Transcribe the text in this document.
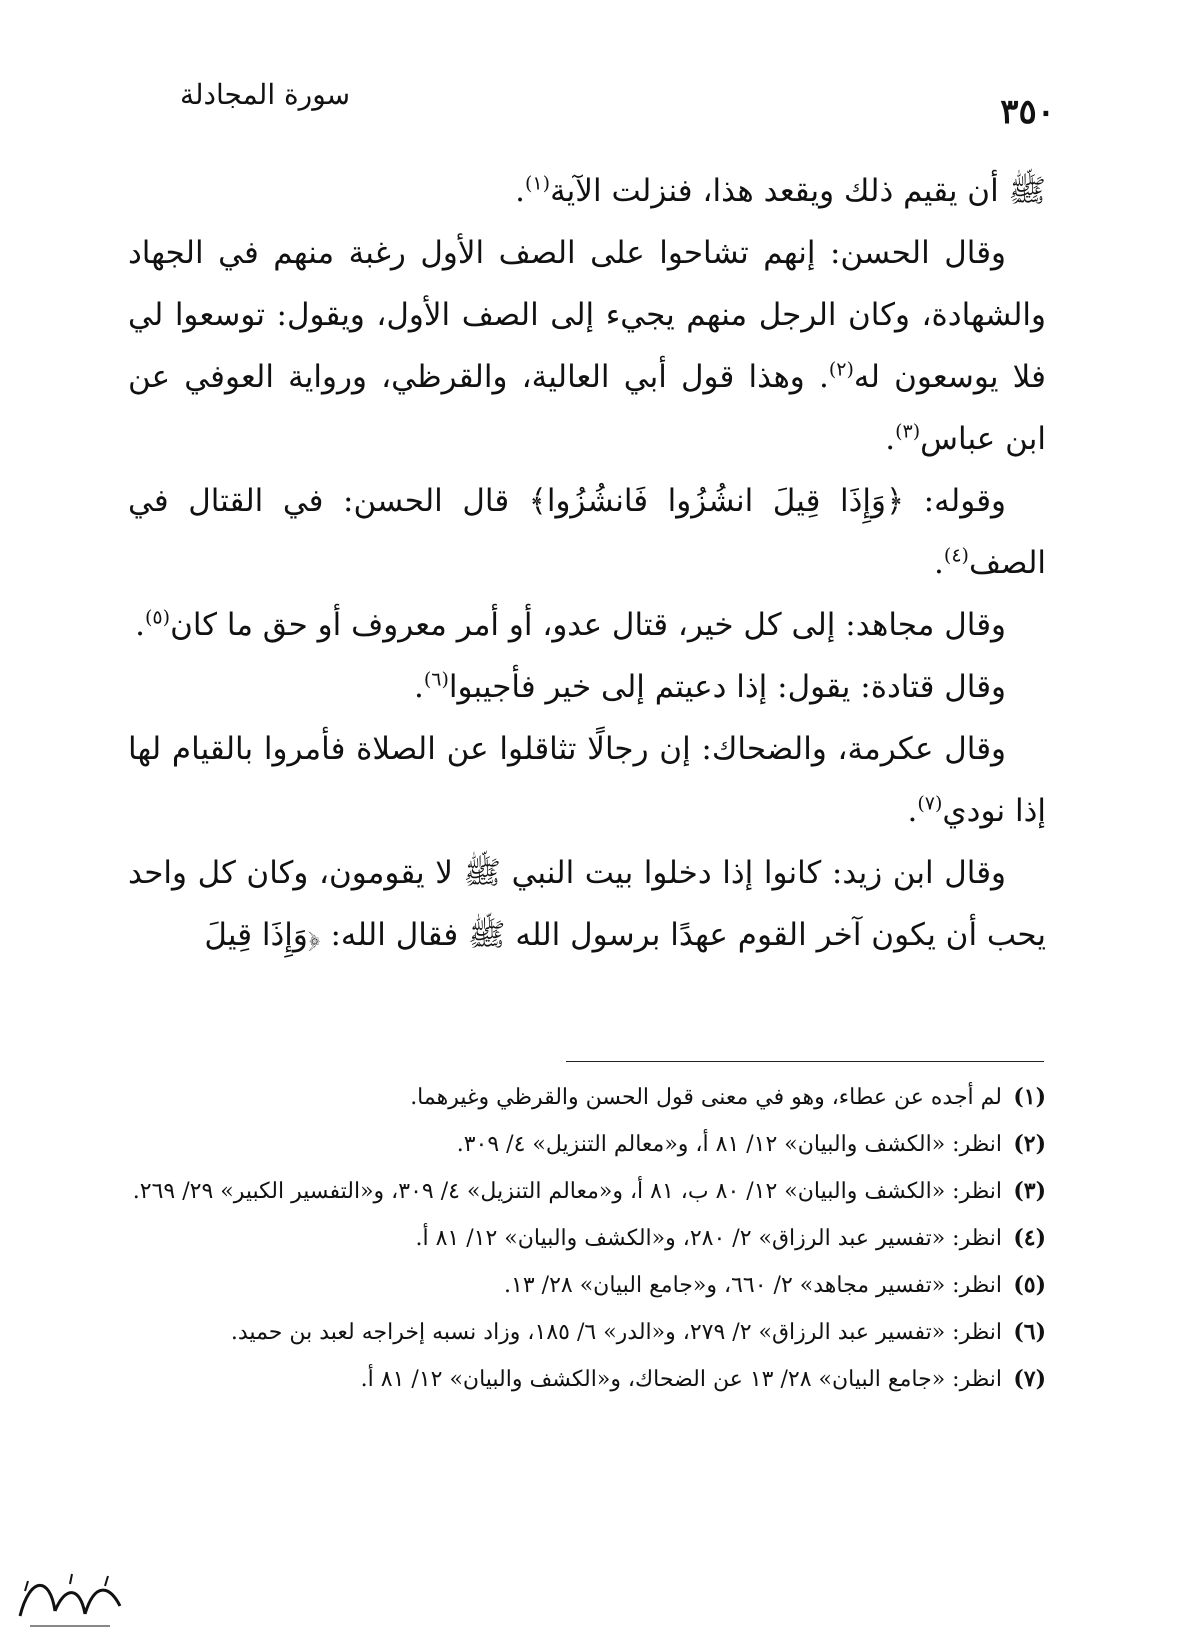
سورة المجادلة	٣٥٠

ﷺ أن يقيم ذلك ويقعد هذا، فنزلت الآية$^{(١)}$.

وقال الحسن: إنهم تشاحوا على الصف الأول رغبة منهم في الجهاد والشهادة، وكان الرجل منهم يجيء إلى الصف الأول، ويقول: توسعوا لي فلا يوسعون له$^{(٢)}$. وهذا قول أبي العالية، والقرظي، ورواية العوفي عن ابن عباس$^{(٣)}$.

وقوله: ﴿وَإِذَا قِيلَ انشُزُوا فَانشُزُوا﴾ قال الحسن: في القتال في الصف$^{(٤)}$.

وقال مجاهد: إلى كل خير، قتال عدو، أو أمر معروف أو حق ما كان$^{(٥)}$.

وقال قتادة: يقول: إذا دعيتم إلى خير فأجيبوا$^{(٦)}$.

وقال عكرمة، والضحاك: إن رجالًا تثاقلوا عن الصلاة فأمروا بالقيام لها إذا نودي$^{(٧)}$.

وقال ابن زيد: كانوا إذا دخلوا بيت النبي ﷺ لا يقومون، وكان كل واحد يحب أن يكون آخر القوم عهدًا برسول الله ﷺ فقال الله: ﴿وَإِذَا قِيلَ

(١)
لم أجده عن عطاء، وهو في معنى قول الحسن والقرظي وغيرهما.
(٢)
انظر: «الكشف والبيان» ١٢/ ٨١ أ، و«معالم التنزيل» ٤/ ٣٠٩.
(٣)
انظر: «الكشف والبيان» ١٢/ ٨٠ ب، ٨١ أ، و«معالم التنزيل» ٤/ ٣٠٩، و«التفسير الكبير» ٢٩/ ٢٦٩.
(٤)
انظر: «تفسير عبد الرزاق» ٢/ ٢٨٠، و«الكشف والبيان» ١٢/ ٨١ أ.
(٥)
انظر: «تفسير مجاهد» ٢/ ٦٦٠، و«جامع البيان» ٢٨/ ١٣.
(٦)
انظر: «تفسير عبد الرزاق» ٢/ ٢٧٩، و«الدر» ٦/ ١٨٥، وزاد نسبه إخراجه لعبد بن حميد.
(٧)
انظر: «جامع البيان» ٢٨/ ١٣ عن الضحاك، و«الكشف والبيان» ١٢/ ٨١ أ.
